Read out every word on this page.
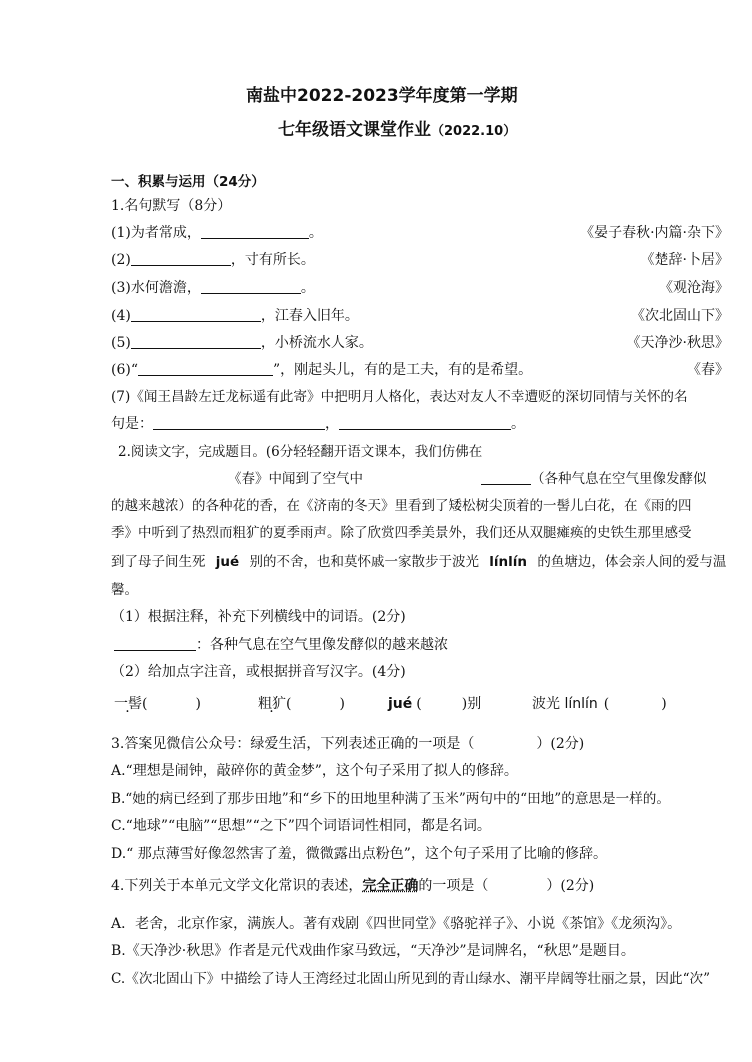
南盐中2022-2023学年度第一学期
七年级语文课堂作业（2022.10）
一、积累与运用（24分）
1.名句默写（8分）
(1)为者常成，	。	《晏子春秋·内篇·杂下》
(2)	，寸有所长。	《楚辞·卜居》
(3)水何澹澹，	。	《观沧海》
(4)	，江春入旧年。	《次北固山下》
(5)	，小桥流水人家。	《天净沙·秋思》
(6)“	”，刚起头儿，有的是工夫，有的是希望。	《春》
(7)《闻王昌龄左迁龙标遥有此寄》中把明月人格化，表达对友人不幸遭贬的深切同情与关怀的名
句是：	，	。
2.阅读文字，完成题目。(6分轻轻翻开语文课本，我们仿佛在
《春》中闻到了空气中	（各种气息在空气里像发酵似
的越来越浓）的各种花的香，在《济南的冬天》里看到了矮松树尖顶着的一髻儿白花，在《雨的四
季》中听到了热烈而粗犷的夏季雨声。除了欣赏四季美景外，我们还从双腿瘫痪的史铁生那里感受
到了母子间生死 jué 别的不舍，也和莫怀戚一家散步于波光 línlín 的鱼塘边，体会亲人间的爱与温
馨。
（1）根据注释，补充下列横线中的词语。(2分)
：各种气息在空气里像发酵似的越来越浓
（2）给加点字注音，或根据拼音写汉字。(4分)
一髻(	)	粗犷(	)	jué (	)别	波光 línlín (	)
3.答案见微信公众号：绿爱生活，下列表述正确的一项是（	）(2分)
A.“理想是闹钟，敲碎你的黄金梦”，这个句子采用了拟人的修辞。
B.“她的病已经到了那步田地”和“乡下的田地里种满了玉米”两句中的“田地”的意思是一样的。
C.“地球”“电脑”“思想”“之下”四个词语词性相同，都是名词。
D.“ 那点薄雪好像忽然害了羞，微微露出点粉色”，这个句子采用了比喻的修辞。
4.下列关于本单元文学文化常识的表述，完全正确的一项是（	）(2分)
A．老舍，北京作家，满族人。著有戏剧《四世同堂》《骆驼祥子》、小说《茶馆》《龙须沟》。
B.《天净沙·秋思》作者是元代戏曲作家马致远，“天净沙”是词牌名，“秋思”是题目。
C.《次北固山下》中描绘了诗人王湾经过北固山所见到的青山绿水、潮平岸阔等壮丽之景，因此“次”
